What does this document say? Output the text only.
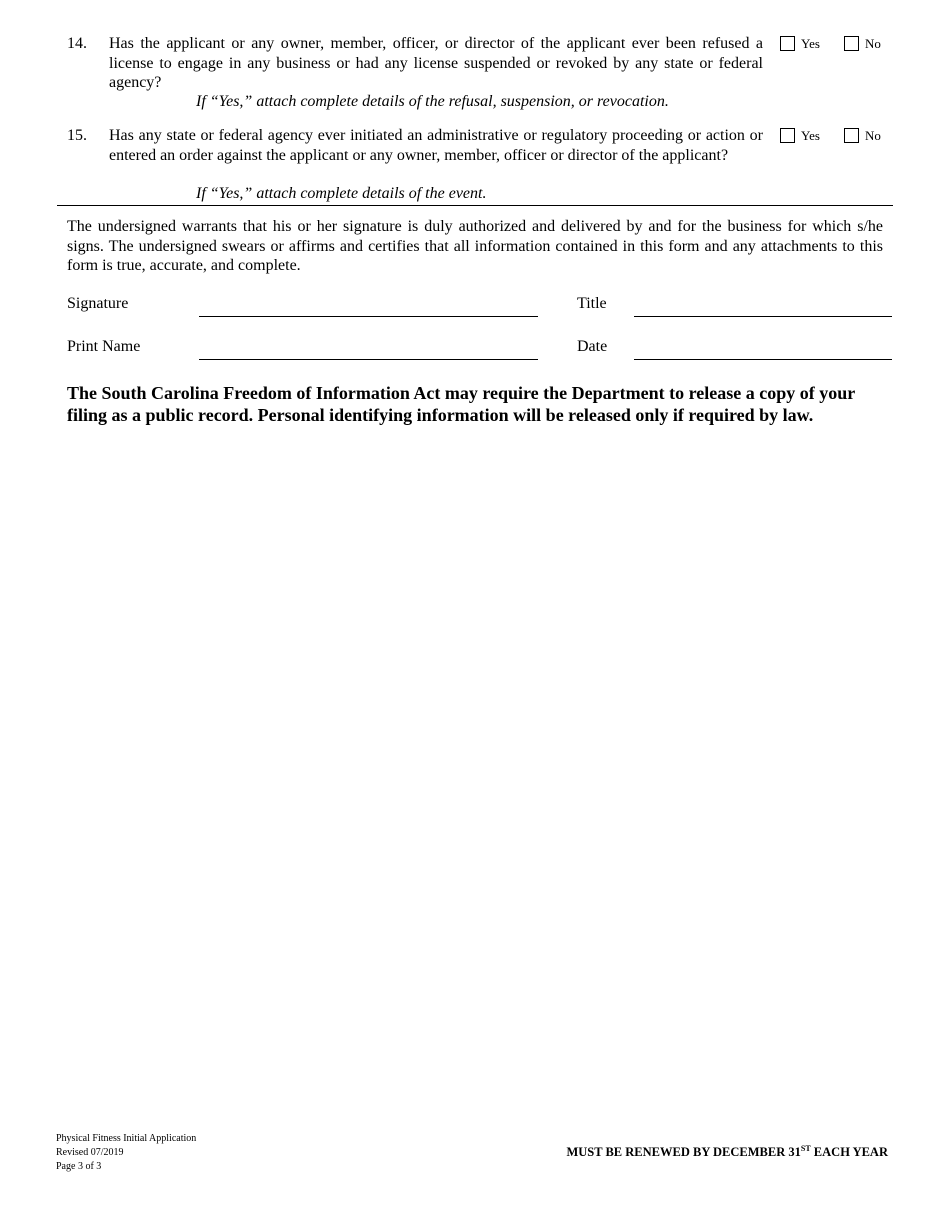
14. Has the applicant or any owner, member, officer, or director of the applicant ever been refused a license to engage in any business or had any license suspended or revoked by any state or federal agency?
If “Yes,” attach complete details of the refusal, suspension, or revocation.
Yes	No
15. Has any state or federal agency ever initiated an administrative or regulatory proceeding or action or entered an order against the applicant or any owner, member, officer or director of the applicant?
If “Yes,” attach complete details of the event.
Yes	No
The undersigned warrants that his or her signature is duly authorized and delivered by and for the business for which s/he signs. The undersigned swears or affirms and certifies that all information contained in this form and any attachments to this form is true, accurate, and complete.
Signature	Title
Print Name	Date
The South Carolina Freedom of Information Act may require the Department to release a copy of your filing as a public record. Personal identifying information will be released only if required by law.
Physical Fitness Initial Application
Revised 07/2019
Page 3 of 3
MUST BE RENEWED BY DECEMBER 31ST EACH YEAR
